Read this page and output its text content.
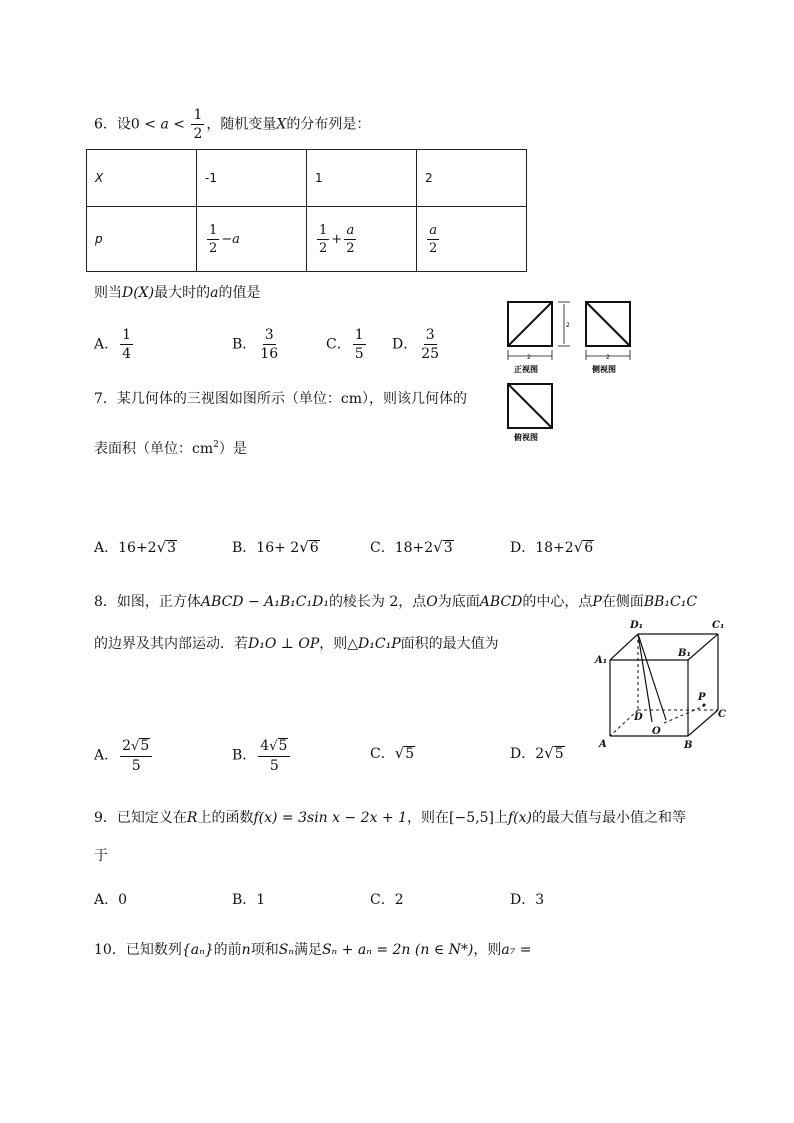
6．设$0 < a < \frac{1}{2}$ ，随机变量X的分布列是：
X	-1	1	2
p	$\frac{1}{2} -a$	$\frac{1}{2} + \frac{a}{2}$	$\frac{a}{2}$
则当D(X)最大时的a的值是
A． $\frac{1}{4}$	B． $\frac{3}{16}$	C． $\frac{1}{5}$ D． $\frac{3}{25}$
2
2	2
正视图	侧视图
俯视图
7．某几何体的三视图如图所示（单位：cm），则该几何体的
表面积（单位：$cm^2$）是
A．16+2√3	B．16+ 2√6	C．18+2√3	D．18+2√6
8．如图，正方体ABCD − A₁B₁C₁D₁的棱长为 2，点O为底面ABCD的中心，点P在侧面BB₁C₁C
的边界及其内部运动．若D₁O ⊥ OP，则△D₁C₁P面积的最大值为
D₁	C₁
A₁
B₁
P
D	C
O
A	B
A． $\frac{2√5}{5}$	B． $\frac{4√5}{5}$	C．√5	D．2√5
9．已知定义在R上的函数f(x) = 3sin x − 2x + 1，则在[−5,5]上f(x)的最大值与最小值之和等
于
A．0	B．1	C．2	D．3
10．已知数列{aₙ}的前n项和Sₙ满足Sₙ + aₙ = 2n (n ∈ N*)，则a₇ =
